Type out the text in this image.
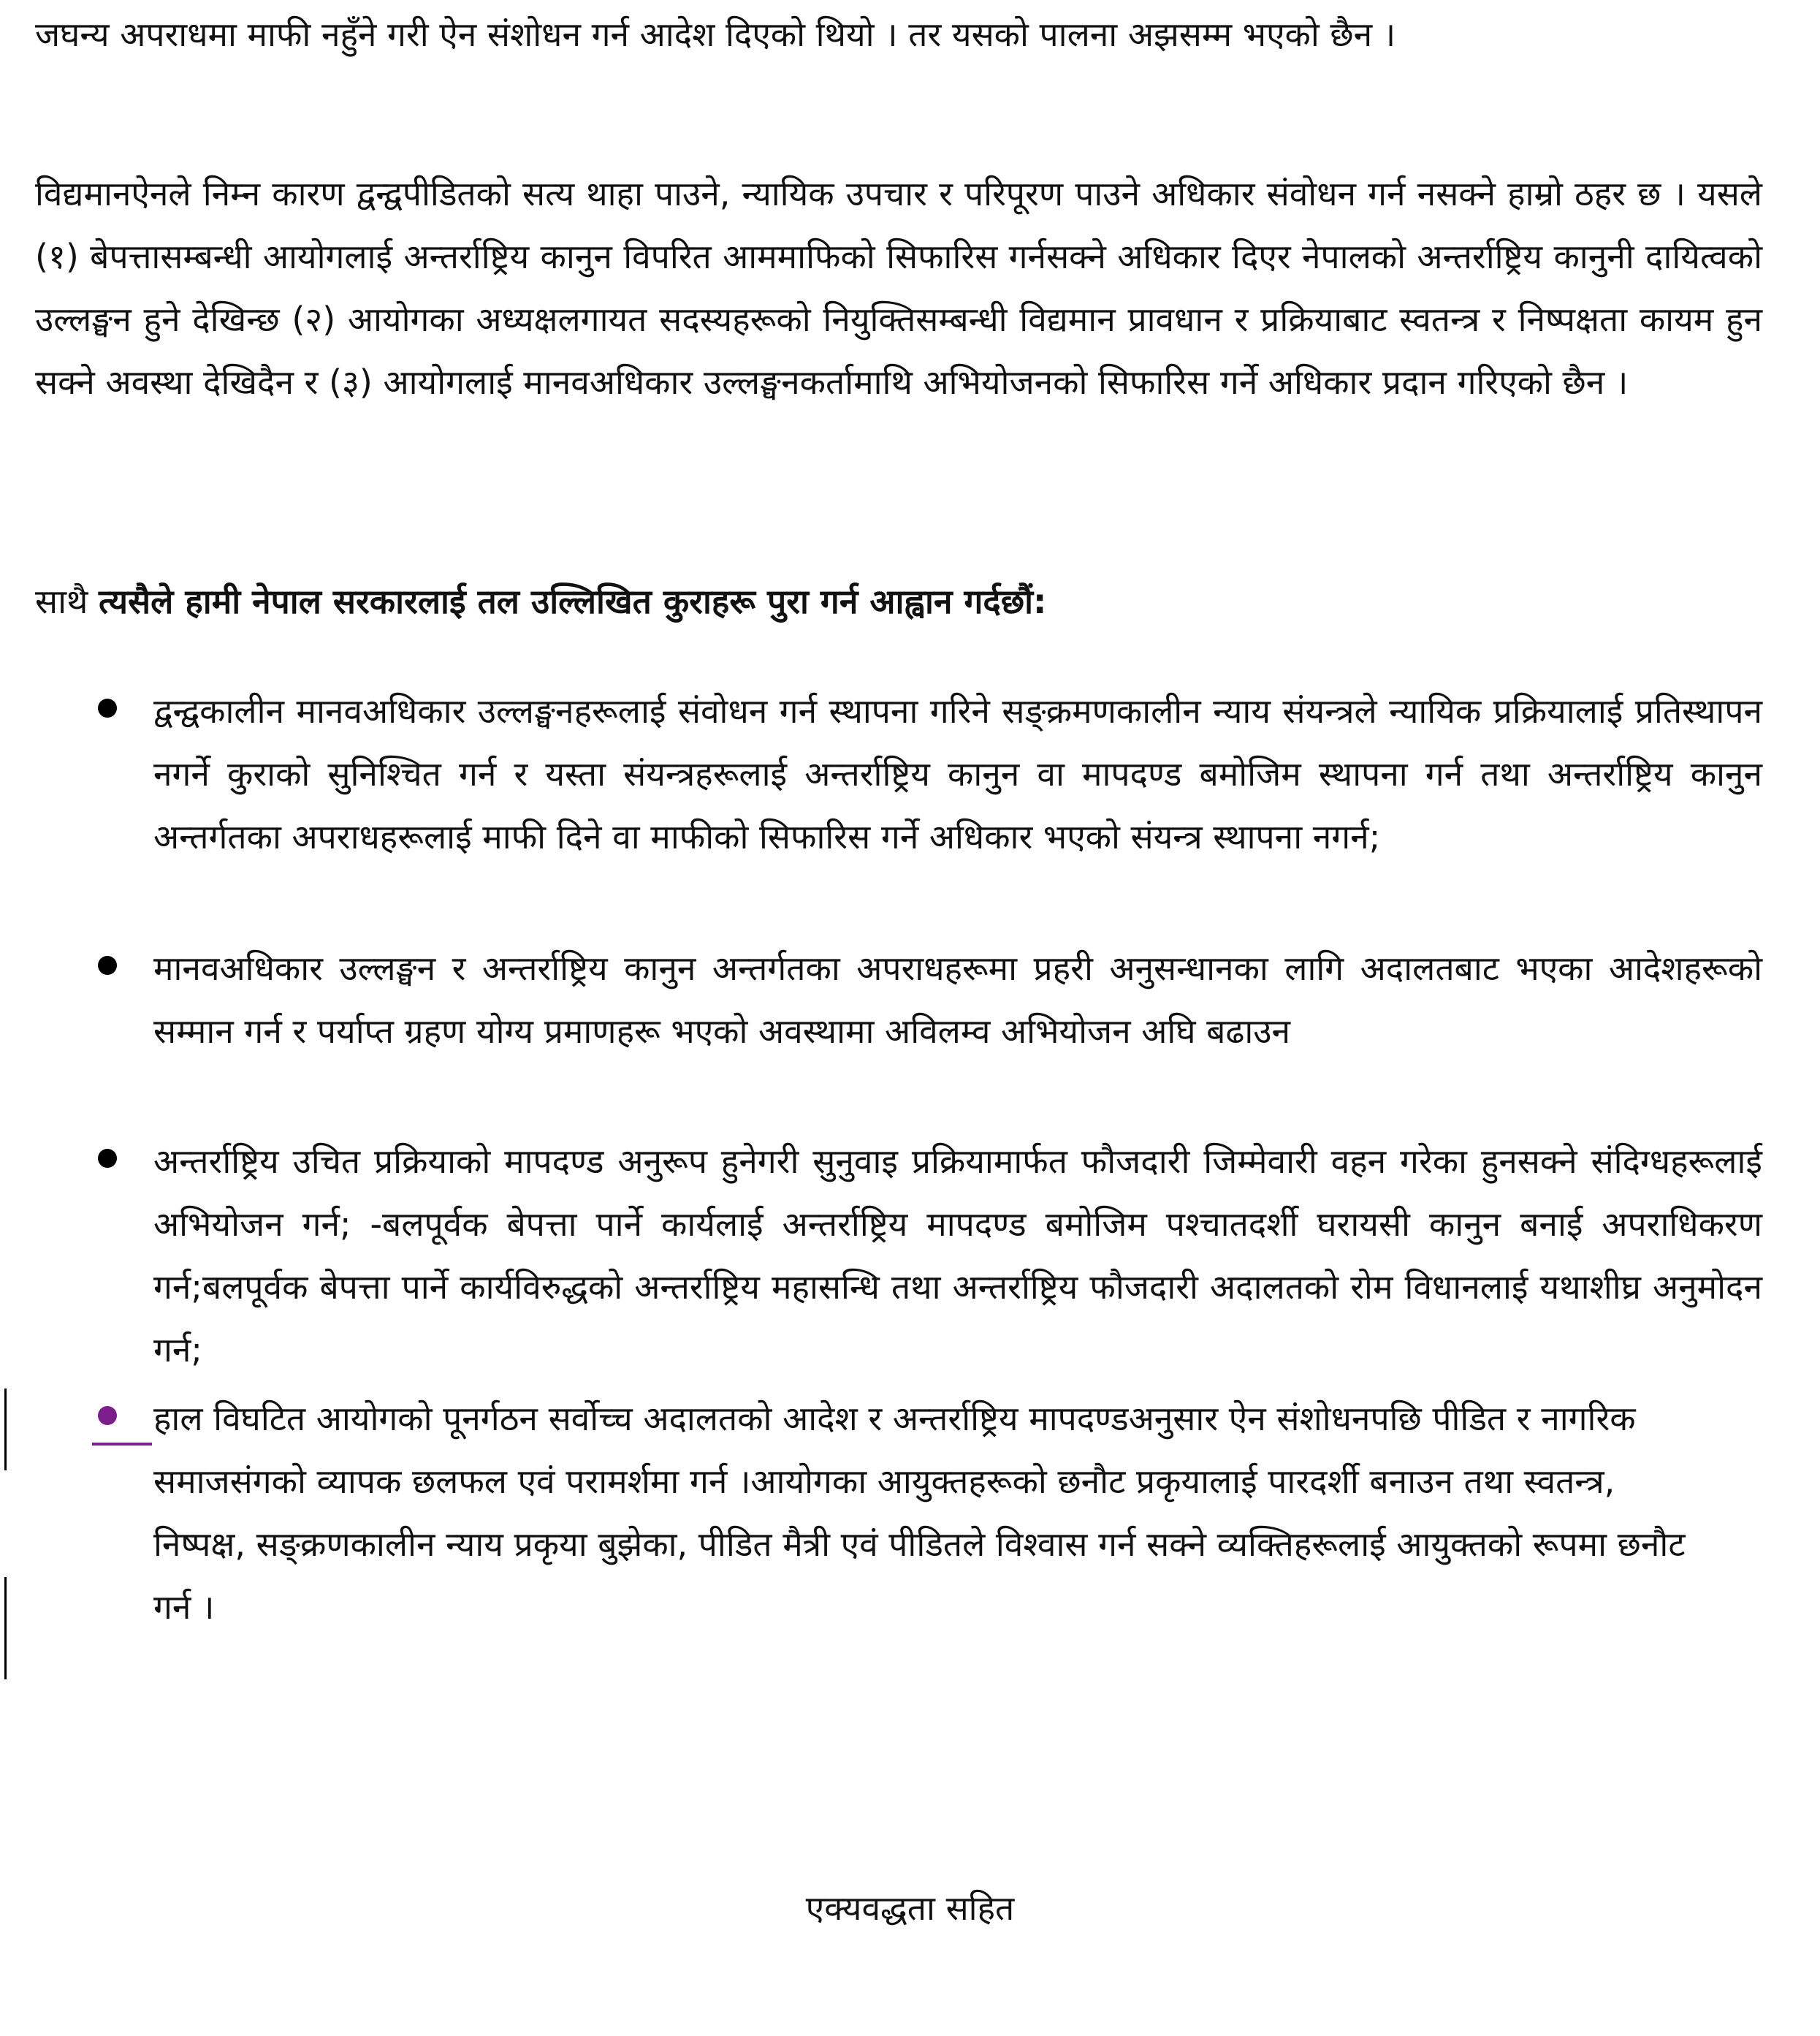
जघन्य अपराधमा माफी नहुँने गरी ऐन संशोधन गर्न आदेश दिएको थियो । तर यसको पालना अझसम्म भएको छैन ।

विद्यमानऐनले निम्न कारण द्वन्द्वपीडितको सत्य थाहा पाउने, न्यायिक उपचार र परिपूरण पाउने अधिकार संवोधन गर्न नसक्ने हाम्रो ठहर छ । यसले (१) बेपत्तासम्बन्धी आयोगलाई अन्तर्राष्ट्रिय कानुन विपरित आममाफिको सिफारिस गर्नसक्ने अधिकार दिएर नेपालको अन्तर्राष्ट्रिय कानुनी दायित्वको उल्लङ्घन हुने देखिन्छ (२) आयोगका अध्यक्षलगायत सदस्यहरूको नियुक्तिसम्बन्धी विद्यमान प्रावधान र प्रक्रियाबाट स्वतन्त्र र निष्पक्षता कायम हुन सक्ने अवस्था देखिदैन र (३) आयोगलाई मानवअधिकार उल्लङ्घनकर्तामाथि अभियोजनको सिफारिस गर्ने अधिकार प्रदान गरिएको छैन ।

साथै त्यसैले हामी नेपाल सरकारलाई तल उल्लिखित कुराहरू पुरा गर्न आह्वान गर्दछौं:

द्वन्द्वकालीन मानवअधिकार उल्लङ्घनहरूलाई संवोधन गर्न स्थापना गरिने सङ्क्रमणकालीन न्याय संयन्त्रले न्यायिक प्रक्रियालाई प्रतिस्थापन नगर्ने कुराको सुनिश्चित गर्न र यस्ता संयन्त्रहरूलाई अन्तर्राष्ट्रिय कानुन वा मापदण्ड बमोजिम स्थापना गर्न तथा अन्तर्राष्ट्रिय कानुन अन्तर्गतका अपराधहरूलाई माफी दिने वा माफीको सिफारिस गर्ने अधिकार भएको संयन्त्र स्थापना नगर्न;

मानवअधिकार उल्लङ्घन र अन्तर्राष्ट्रिय कानुन अन्तर्गतका अपराधहरूमा प्रहरी अनुसन्धानका लागि अदालतबाट भएका आदेशहरूको सम्मान गर्न र पर्याप्त ग्रहण योग्य प्रमाणहरू भएको अवस्थामा अविलम्व अभियोजन अघि बढाउन

अन्तर्राष्ट्रिय उचित प्रक्रियाको मापदण्ड अनुरूप हुनेगरी सुनुवाइ प्रक्रियामार्फत फौजदारी जिम्मेवारी वहन गरेका हुनसक्ने संदिग्धहरूलाई अभियोजन गर्न; -बलपूर्वक बेपत्ता पार्ने कार्यलाई अन्तर्राष्ट्रिय मापदण्ड बमोजिम पश्चातदर्शी घरायसी कानुन बनाई अपराधिकरण गर्न;बलपूर्वक बेपत्ता पार्ने कार्यविरुद्धको अन्तर्राष्ट्रिय महासन्धि तथा अन्तर्राष्ट्रिय फौजदारी अदालतको रोम विधानलाई यथाशीघ्र अनुमोदन गर्न;

हाल विघटित आयोगको पूनर्गठन सर्वोच्च अदालतको आदेश र अन्तर्राष्ट्रिय मापदण्डअनुसार ऐन संशोधनपछि पीडित र नागरिक समाजसंगको व्यापक छलफल एवं परामर्शमा गर्न ।आयोगका आयुक्तहरूको छनौट प्रकृयालाई पारदर्शी बनाउन तथा स्वतन्त्र, निष्पक्ष, सङ्क्रणकालीन न्याय प्रकृया बुझेका, पीडित मैत्री एवं पीडितले विश्वास गर्न सक्ने व्यक्तिहरूलाई आयुक्तको रूपमा छनौट गर्न ।

एक्यवद्धता सहित
